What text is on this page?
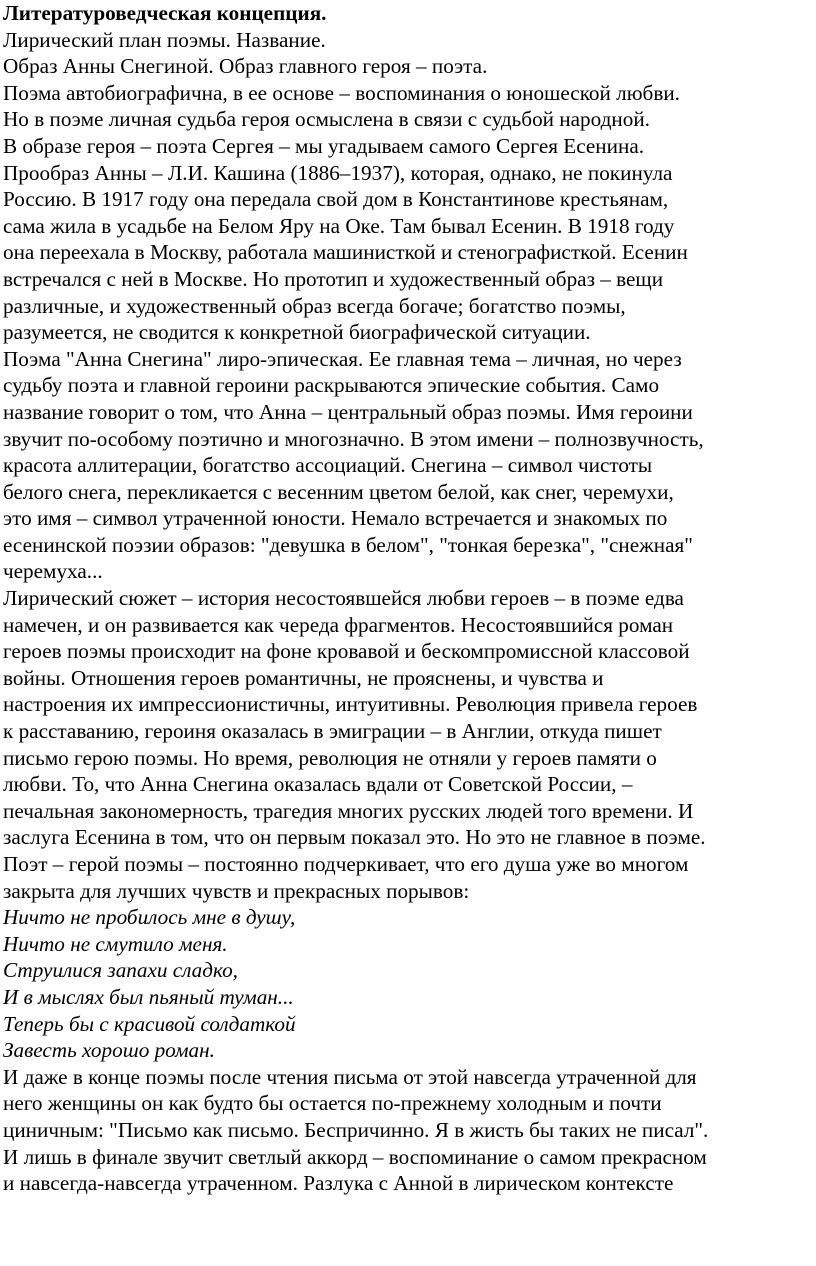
Литературоведческая концепция.
Лирический план поэмы. Название.
Образ Анны Снегиной. Образ главного героя – поэта.
Поэма автобиографична, в ее основе – воспоминания о юношеской любви.
Но в поэме личная судьба героя осмыслена в связи с судьбой народной.
В образе героя – поэта Сергея – мы угадываем самого Сергея Есенина.
Прообраз Анны – Л.И. Кашина (1886–1937), которая, однако, не покинула
Россию. В 1917 году она передала свой дом в Константинове крестьянам,
сама жила в усадьбе на Белом Яру на Оке. Там бывал Есенин. В 1918 году
она переехала в Москву, работала машинисткой и стенографисткой. Есенин
встречался с ней в Москве. Но прототип и художественный образ – вещи
различные, и художественный образ всегда богаче; богатство поэмы,
разумеется, не сводится к конкретной биографической ситуации.
Поэма "Анна Снегина" лиро-эпическая. Ее главная тема – личная, но через
судьбу поэта и главной героини раскрываются эпические события. Само
название говорит о том, что Анна – центральный образ поэмы. Имя героини
звучит по-особому поэтично и многозначно. В этом имени – полнозвучность,
красота аллитерации, богатство ассоциаций. Снегина – символ чистоты
белого снега, перекликается с весенним цветом белой, как снег, черемухи,
это имя – символ утраченной юности. Немало встречается и знакомых по
есенинской поэзии образов: "девушка в белом", "тонкая березка", "снежная"
черемуха...
Лирический сюжет – история несостоявшейся любви героев – в поэме едва
намечен, и он развивается как череда фрагментов. Несостоявшийся роман
героев поэмы происходит на фоне кровавой и бескомпромиссной классовой
войны. Отношения героев романтичны, не прояснены, и чувства и
настроения их импрессионистичны, интуитивны. Революция привела героев
к расставанию, героиня оказалась в эмиграции – в Англии, откуда пишет
письмо герою поэмы. Но время, революция не отняли у героев памяти о
любви. То, что Анна Снегина оказалась вдали от Советской России, –
печальная закономерность, трагедия многих русских людей того времени. И
заслуга Есенина в том, что он первым показал это. Но это не главное в поэме.
Поэт – герой поэмы – постоянно подчеркивает, что его душа уже во многом
закрыта для лучших чувств и прекрасных порывов:
Ничто не пробилось мне в душу,
Ничто не смутило меня.
Струилися запахи сладко,
И в мыслях был пьяный туман...
Теперь бы с красивой солдаткой
Завесть хорошо роман.
И даже в конце поэмы после чтения письма от этой навсегда утраченной для
него женщины он как будто бы остается по-прежнему холодным и почти
циничным: "Письмо как письмо. Беспричинно. Я в жисть бы таких не писал".
И лишь в финале звучит светлый аккорд – воспоминание о самом прекрасном
и навсегда-навсегда утраченном. Разлука с Анной в лирическом контексте
